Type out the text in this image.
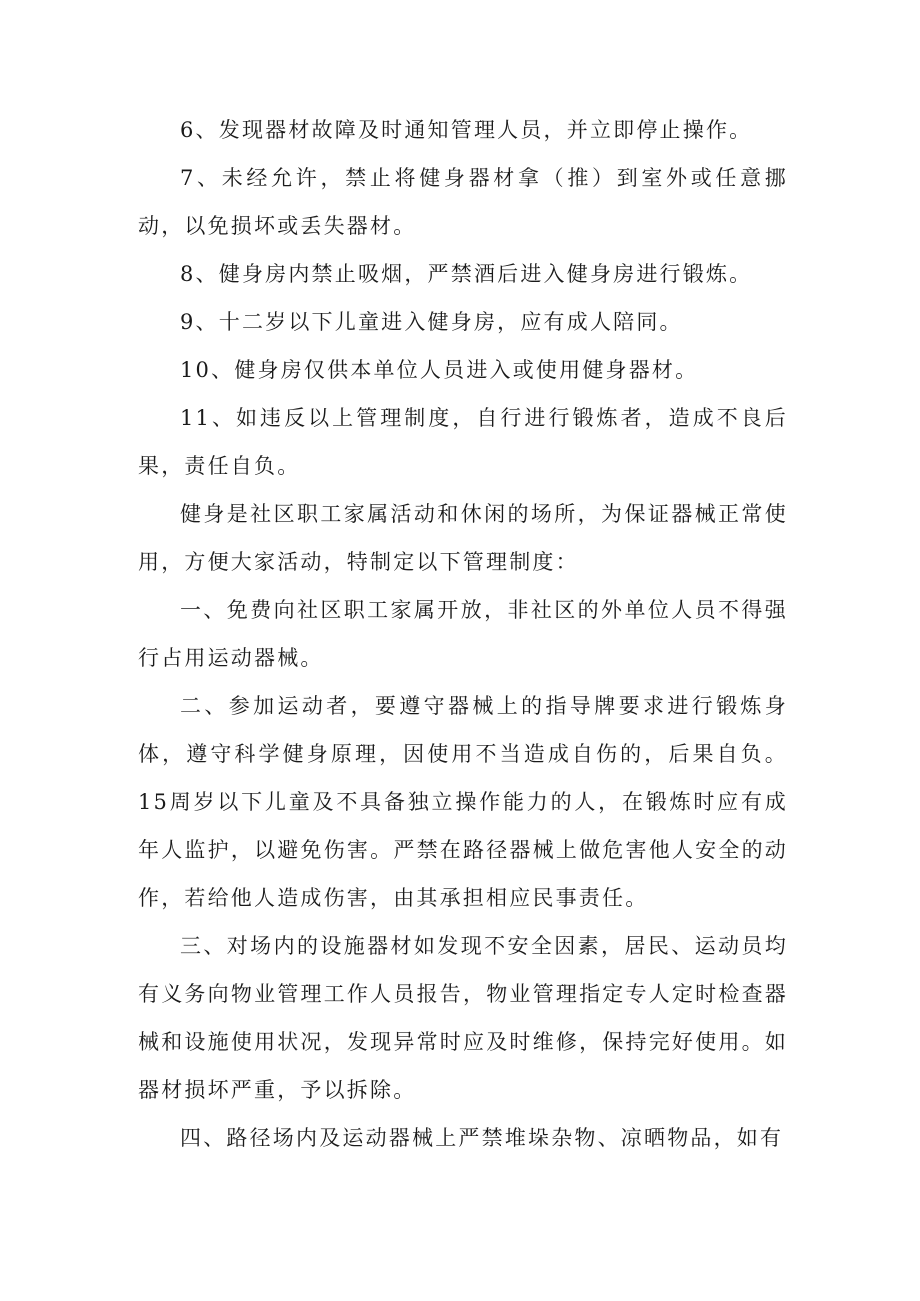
6、发现器材故障及时通知管理人员，并立即停止操作。

7、未经允许，禁止将健身器材拿（推）到室外或任意挪动，以免损坏或丢失器材。

8、健身房内禁止吸烟，严禁酒后进入健身房进行锻炼。

9、十二岁以下儿童进入健身房，应有成人陪同。

10、健身房仅供本单位人员进入或使用健身器材。

11、如违反以上管理制度，自行进行锻炼者，造成不良后果，责任自负。

健身是社区职工家属活动和休闲的场所，为保证器械正常使用，方便大家活动，特制定以下管理制度：

一、免费向社区职工家属开放，非社区的外单位人员不得强行占用运动器械。

二、参加运动者，要遵守器械上的指导牌要求进行锻炼身体，遵守科学健身原理，因使用不当造成自伤的，后果自负。15周岁以下儿童及不具备独立操作能力的人，在锻炼时应有成年人监护，以避免伤害。严禁在路径器械上做危害他人安全的动作，若给他人造成伤害，由其承担相应民事责任。

三、对场内的设施器材如发现不安全因素，居民、运动员均有义务向物业管理工作人员报告，物业管理指定专人定时检查器械和设施使用状况，发现异常时应及时维修，保持完好使用。如器材损坏严重，予以拆除。

四、路径场内及运动器械上严禁堆垛杂物、凉晒物品，如有
